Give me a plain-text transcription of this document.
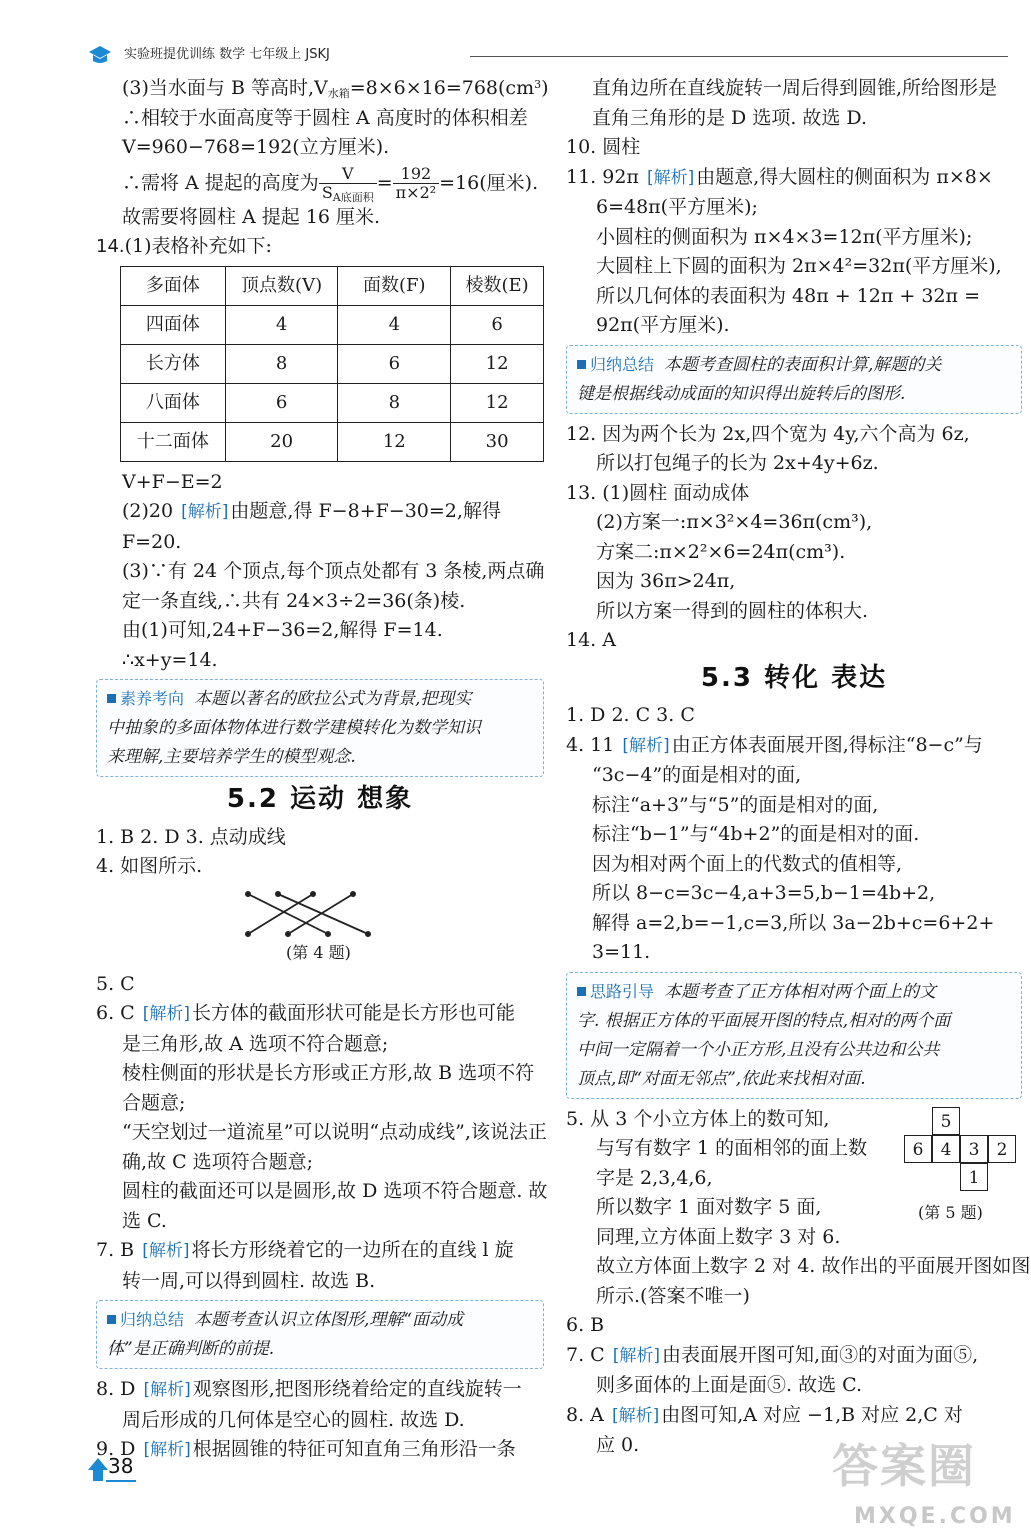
实验班提优训练 数学 七年级上 JSKJ
(3)当水面与 B 等高时$,V_{水箱}=8\times 6\times 16=768(cm^3)$
∴相较于水面高度等于圆柱 A 高度时的体积相差
V=960−768=192(立方厘米).
∴需将 A 提起的高度为 $\frac{V}{S_{A底面积}} = \frac{192}{\text{π×2²}} =16$(厘米).
故需要将圆柱 A 提起 16 厘米.
14.(1)表格补充如下:
多面体	顶点数(V)	面数(F)	棱数(E)
四面体	4	4	6
长方体	8	6	12
八面体	6	8	12
十二面体	20	12	30
V+F−E=2
(2)20 [ 解析 ] 由题意,得 F−8+F−30=2,解得
F=20.
(3)∵有 24 个顶点,每个顶点处都有 3 条棱,两点确
定一条直线,∴共有 24×3÷2=36(条)棱.
由(1)可知,24+F−36=2,解得 F=14.
∴x+y=14.
素养考向 本题以著名的欧拉公式为背景,把现实
中抽象的多面体物体进行数学建模转化为数学知识
来理解,主要培养学生的模型观念.
5.2 运动 想象
1. B 2. D 3. 点动成线
4. 如图所示.
(第 4 题)
5. C
6. C [ 解析 ] 长方体的截面形状可能是长方形也可能
是三角形,故 A 选项不符合题意;
棱柱侧面的形状是长方形或正方形,故 B 选项不符
合题意;
“天空划过一道流星”可以说明“点动成线”,该说法正
确,故 C 选项符合题意;
圆柱的截面还可以是圆形,故 D 选项不符合题意. 故
选 C.
7. B [ 解析 ] 将长方形绕着它的一边所在的直线 l 旋
转一周,可以得到圆柱. 故选 B.
归纳总结 本题考查认识立体图形,理解“面动成
体”是正确判断的前提.
8. D [ 解析 ] 观察图形,把图形绕着给定的直线旋转一
周后形成的几何体是空心的圆柱. 故选 D.
9. D [ 解析 ] 根据圆锥的特征可知直角三角形沿一条
直角边所在直线旋转一周后得到圆锥,所给图形是
直角三角形的是 D 选项. 故选 D.
10. 圆柱
11. 92π [ 解析 ] 由题意,得大圆柱的侧面积为 π×8×
6=48π(平方厘米);
小圆柱的侧面积为 π×4×3=12π(平方厘米);
大圆柱上下圆的面积为 2π×4²=32π(平方厘米),
所以几何体的表面积为 48π + 12π + 32π =
92π(平方厘米).
归纳总结 本题考查圆柱的表面积计算,解题的关
键是根据线动成面的知识得出旋转后的图形.
12. 因为两个长为 2x,四个宽为 4y,六个高为 6z,
所以打包绳子的长为 2x+4y+6z.
13. (1)圆柱 面动成体
(2)方案一:π×3²×4=36π(cm³),
方案二:π×2²×6=24π(cm³).
因为 36π>24π,
所以方案一得到的圆柱的体积大.
14. A
5.3 转化 表达
1. D 2. C 3. C
4. 11 [ 解析 ] 由正方体表面展开图,得标注“8−c”与
“3c−4”的面是相对的面,
标注“a+3”与“5”的面是相对的面,
标注“b−1”与“4b+2”的面是相对的面.
因为相对两个面上的代数式的值相等,
所以 8−c=3c−4,a+3=5,b−1=4b+2,
解得 a=2,b=−1,c=3,所以 3a−2b+c=6+2+
3=11.
思路引导 本题考查了正方体相对两个面上的文
字. 根据正方体的平面展开图的特点,相对的两个面
中间一定隔着一个小正方形,且没有公共边和公共
顶点,即“对面无邻点”,依此来找相对面.
5. 从 3 个小立方体上的数可知,
与写有数字 1 的面相邻的面上数
字是 2,3,4,6,
所以数字 1 面对数字 5 面,
5
6	4	3	2
1
(第 5 题)
同理,立方体面上数字 3 对 6.
故立方体面上数字 2 对 4. 故作出的平面展开图如图
所示.(答案不唯一)
6. B
7. C [ 解析 ] 由表面展开图可知,面③的对面为面⑤,
则多面体的上面是面⑤. 故选 C.
8. A [ 解析 ] 由图可知,A 对应 −1,B 对应 2,C 对
应 0.
38	答案圈
MXQE.COM
